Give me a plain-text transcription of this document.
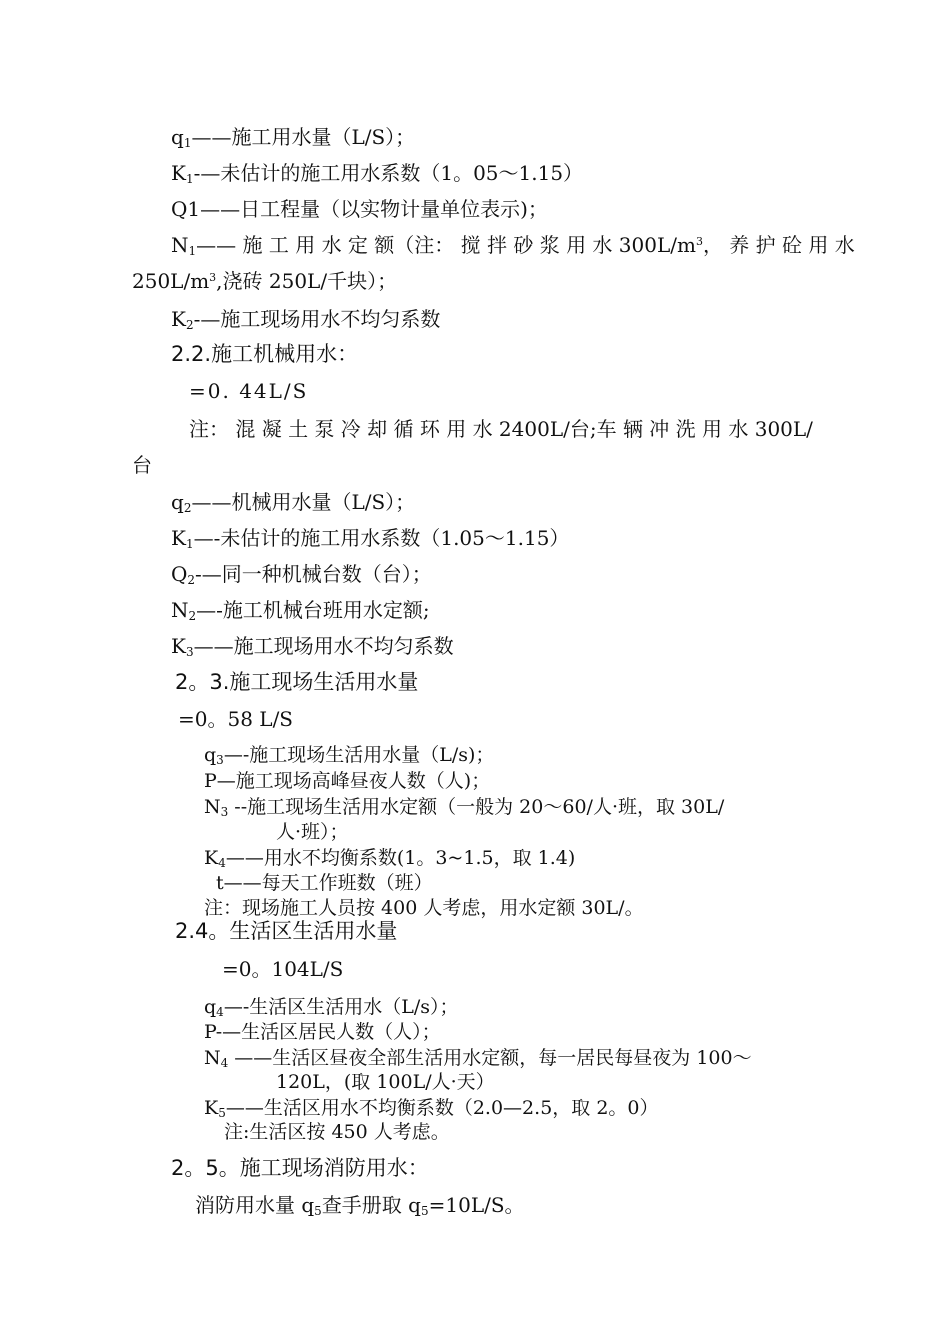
$q_1——$施工用水量（L/S）；
$K_1-—$未估计的施工用水系数（1。05～1.15）
Q1——日工程量（以实物计量单位表示)；
$N_1——$ 施 工 用 水 定 额（注： 搅 拌 砂 浆 用 水 $300L/m^3$， 养 护 砼 用 水
$250L/m^3$,浇砖 250L/千块）；
$K_2-—$施工现场用水不均匀系数
2.2.施工机械用水：
=0. 44L/S
注： 混 凝 土 泵 冷 却 循 环 用 水 2400L/台;车 辆 冲 洗 用 水 300L/
台
$q_2——$机械用水量（L/S）；
$K_1—-$未估计的施工用水系数（1.05～1.15）
$Q_2-—$同一种机械台数（台）；
$N_2—-$施工机械台班用水定额;
$K_3——$施工现场用水不均匀系数
2。3.施工现场生活用水量
=0。58 L/S
$q_3—-$施工现场生活用水量（L/s)；
P—施工现场高峰昼夜人数（人)；
$N_3$ --施工现场生活用水定额（一般为 20～60/人·班，取 30L/
人·班）；
$K_4——$用水不均衡系数(1。3~1.5，取 1.4)
t——每天工作班数（班）
注：现场施工人员按 400 人考虑，用水定额 30L/。
2.4。生活区生活用水量
=0。104L/S
$q_4—-$生活区生活用水（L/s）；
P-—生活区居民人数（人）；
$N_4$ ——生活区昼夜全部生活用水定额，每一居民每昼夜为 100～
120L，(取 100L/人·天）
$K_5——$生活区用水不均衡系数（2.0—2.5，取 2。0）
注:生活区按 450 人考虑。
2。5。施工现场消防用水：
消防用水量 $q_5$查手册取 $q_5=10L/S$。
